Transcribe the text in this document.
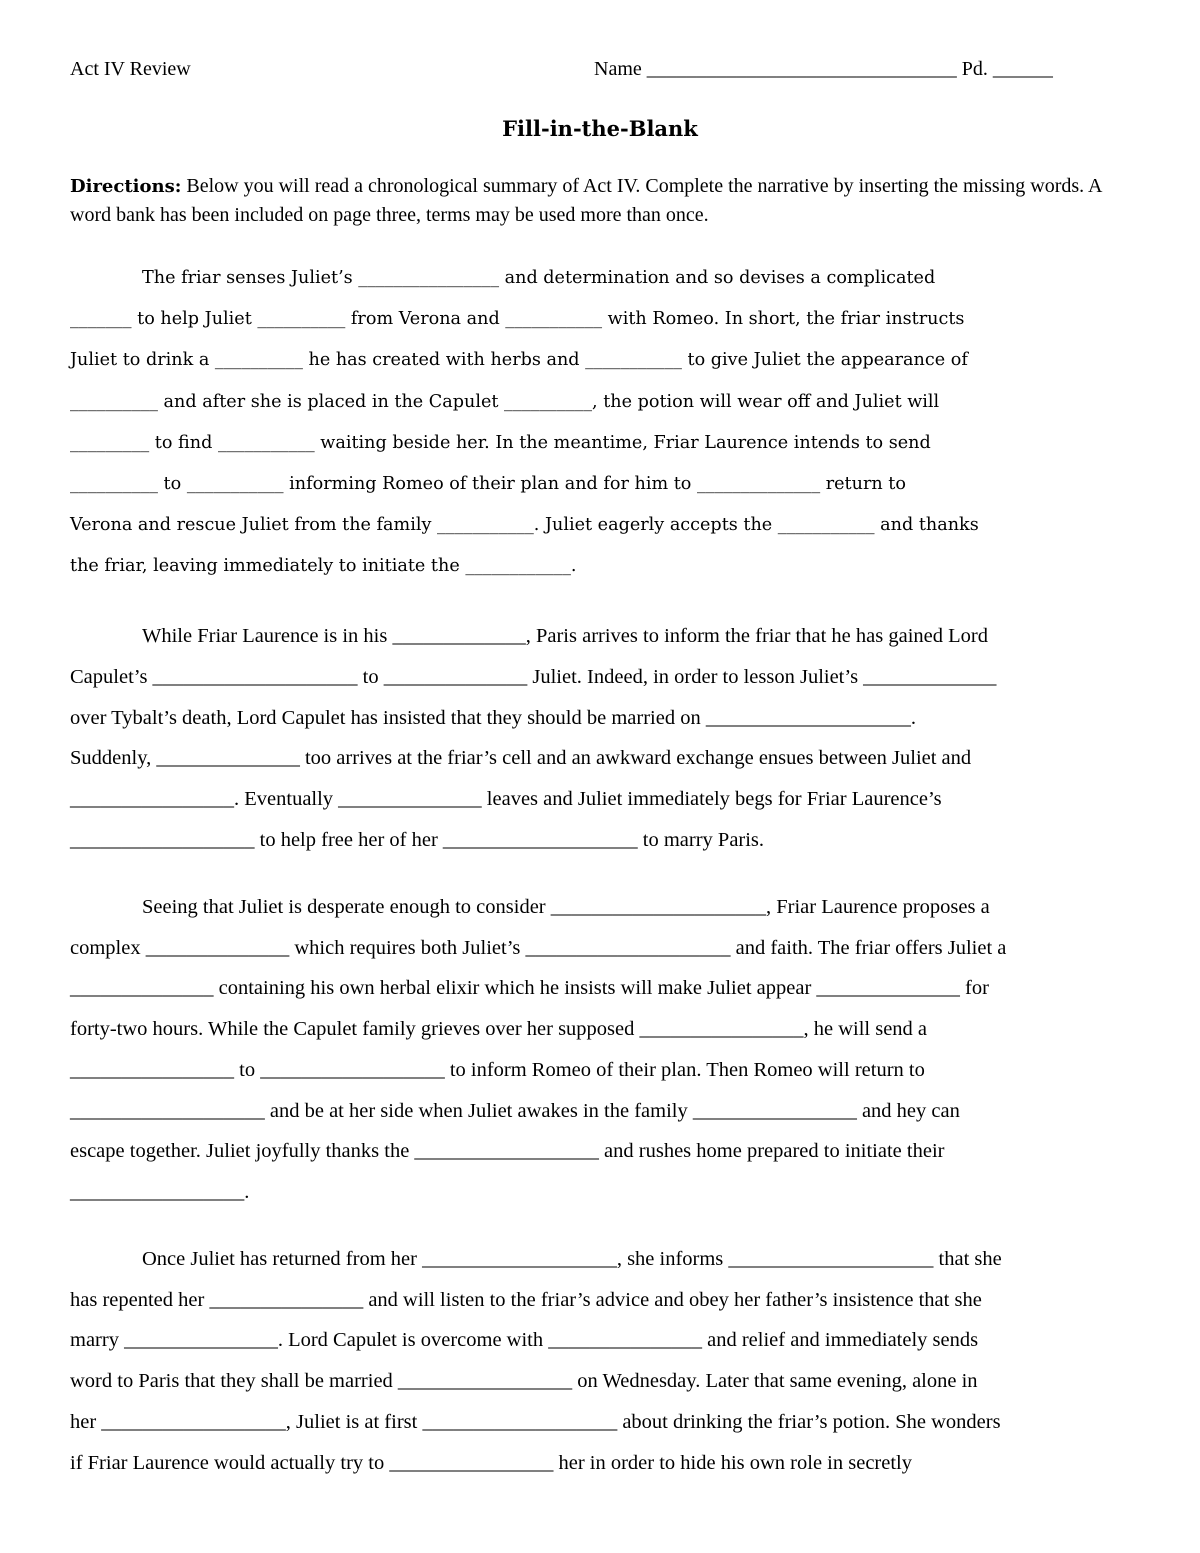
Act IV Review	Name _______________________________ Pd. ______
Fill-in-the-Blank
Directions: Below you will read a chronological summary of Act IV. Complete the narrative by inserting the missing words. A word bank has been included on page three, terms may be used more than once.
The friar senses Juliet’s ________________ and determination and so devises a complicated
_______ to help Juliet __________ from Verona and ___________ with Romeo. In short, the friar instructs
Juliet to drink a __________ he has created with herbs and ___________ to give Juliet the appearance of
__________ and after she is placed in the Capulet __________, the potion will wear off and Juliet will
_________ to find ___________ waiting beside her. In the meantime, Friar Laurence intends to send
__________ to ___________ informing Romeo of their plan and for him to ______________ return to
Verona and rescue Juliet from the family ___________. Juliet eagerly accepts the ___________ and thanks
the friar, leaving immediately to initiate the ____________.
While Friar Laurence is in his _____________, Paris arrives to inform the friar that he has gained Lord
Capulet’s ____________________ to ______________ Juliet. Indeed, in order to lesson Juliet’s _____________
over Tybalt’s death, Lord Capulet has insisted that they should be married on ____________________.
Suddenly, ______________ too arrives at the friar’s cell and an awkward exchange ensues between Juliet and
________________. Eventually ______________ leaves and Juliet immediately begs for Friar Laurence’s
__________________ to help free her of her ___________________ to marry Paris.
Seeing that Juliet is desperate enough to consider _____________________, Friar Laurence proposes a
complex ______________ which requires both Juliet’s ____________________ and faith. The friar offers Juliet a
______________ containing his own herbal elixir which he insists will make Juliet appear ______________ for
forty-two hours. While the Capulet family grieves over her supposed ________________, he will send a
________________ to __________________ to inform Romeo of their plan. Then Romeo will return to
___________________ and be at her side when Juliet awakes in the family ________________ and hey can
escape together. Juliet joyfully thanks the __________________ and rushes home prepared to initiate their
_________________.
Once Juliet has returned from her ___________________, she informs ____________________ that she
has repented her _______________ and will listen to the friar’s advice and obey her father’s insistence that she
marry _______________. Lord Capulet is overcome with _______________ and relief and immediately sends
word to Paris that they shall be married _________________ on Wednesday. Later that same evening, alone in
her __________________, Juliet is at first ___________________ about drinking the friar’s potion. She wonders
if Friar Laurence would actually try to ________________ her in order to hide his own role in secretly
